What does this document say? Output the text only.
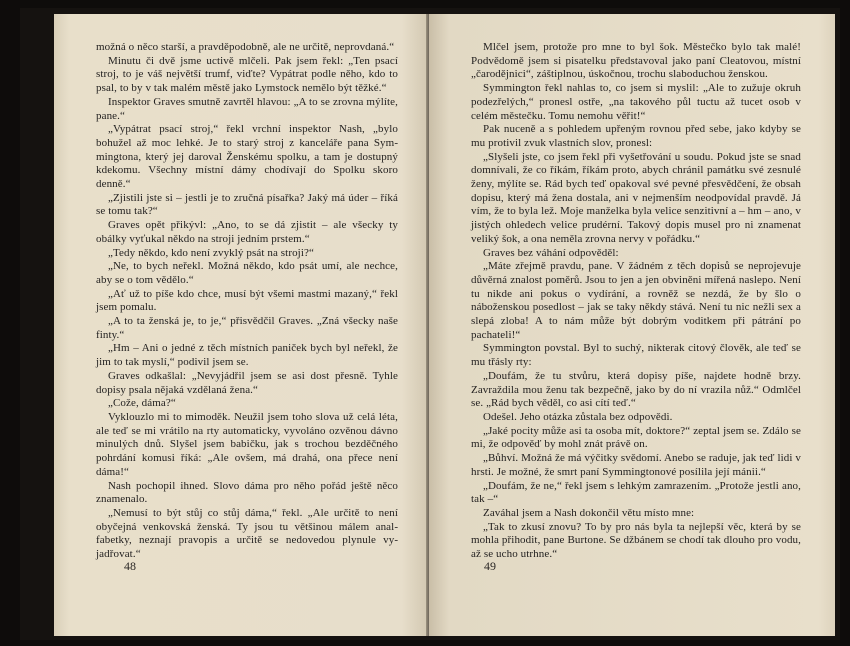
možná o něco starší, a pravděpodobně, ale ne určitě, neprovdaná.“

Minutu či dvě jsme uctivě mlčeli. Pak jsem řekl: „Ten psací stroj, to je váš největší trumf, viďte? Vypátrat podle něho, kdo to psal, to by v tak malém městě jako Lymstock nemělo být těžké.“

Inspektor Graves smutně zavrtěl hlavou: „A to se zrovna mýlíte, pane.“

„Vypátrat psací stroj,“ řekl vrchní inspektor Nash, „bylo bohužel až moc lehké. Je to starý stroj z kanceláře pana Symmingtona, který jej daroval Ženskému spolku, a tam je dostupný kdekomu. Všechny místní dámy chodívají do Spolku skoro denně.“

„Zjistili jste si – jestli je to zručná písařka? Jaký má úder – říká se tomu tak?“

Graves opět přikývl: „Ano, to se dá zjistit – ale všecky ty obálky vyťukal někdo na stroji jedním prstem.“

„Tedy někdo, kdo není zvyklý psát na stroji?“

„Ne, to bych neřekl. Možná někdo, kdo psát umí, ale nechce, aby se o tom vědělo.“

„Ať už to píše kdo chce, musí být všemi mastmi mazaný,“ řekl jsem pomalu.

„A to ta ženská je, to je,“ přisvědčil Graves. „Zná všecky naše finty.“

„Hm – Ani o jedné z těch místních paniček bych byl neřekl, že jim to tak myslí,“ podivil jsem se.

Graves odkašlal: „Nevyjádřil jsem se asi dost přesně. Tyhle dopisy psala nějaká vzdělaná žena.“

„Cože, dáma?“

Vyklouzlo mi to mimoděk. Neužil jsem toho slova už celá léta, ale teď se mi vrátilo na rty automaticky, vyvoláno ozvěnou dávno minulých dnů. Slyšel jsem babičku, jak s trochou bezděčného pohrdání komusi říká: „Ale ovšem, má drahá, ona přece není dáma!“

Nash pochopil ihned. Slovo dáma pro něho pořád ještě něco znamenalo.

„Nemusí to být stůj co stůj dáma,“ řekl. „Ale určitě to není obyčejná venkovská ženská. Ty jsou tu většinou málem analfabetky, neznají pravopis a určitě se nedovedou plynule vyjadřovat.“

48

Mlčel jsem, protože pro mne to byl šok. Městečko bylo tak malé! Podvědomě jsem si pisatelku představoval jako paní Cleatovou, místní „čarodějnici“, záštiplnou, úskočnou, trochu slaboduchou ženskou.

Symmington řekl nahlas to, co jsem si myslil: „Ale to zužuje okruh podezřelých,“ pronesl ostře, „na takového půl tuctu až tucet osob v celém městečku. Tomu nemohu věřit!“

Pak nuceně a s pohledem upřeným rovnou před sebe, jako kdyby se mu protivil zvuk vlastních slov, pronesl:

„Slyšeli jste, co jsem řekl při vyšetřování u soudu. Pokud jste se snad domnívali, že co říkám, říkám proto, abych chránil památku své zesnulé ženy, mýlíte se. Rád bych teď opakoval své pevné přesvědčení, že obsah dopisu, který má žena dostala, ani v nejmenším neodpovídal pravdě. Já vím, že to byla lež. Moje manželka byla velice senzitivní a – hm – ano, v jistých ohledech velice prudérní. Takový dopis musel pro ni znamenat veliký šok, a ona neměla zrovna nervy v pořádku.“

Graves bez váhání odpověděl:

„Máte zřejmě pravdu, pane. V žádném z těch dopisů se neprojevuje důvěrná znalost poměrů. Jsou to jen a jen obviněni mířená naslepo. Není tu nikde ani pokus o vydírání, a rovněž se nezdá, že by šlo o náboženskou posedlost – jak se taky někdy stává. Není tu nic nežli sex a slepá zloba! A to nám může být dobrým voditkem při pátrání po pachateli!“

Symmington povstal. Byl to suchý, nikterak citový člověk, ale teď se mu třásly rty:

„Doufám, že tu stvůru, která dopisy píše, najdete hodně brzy. Zavraždila mou ženu tak bezpečně, jako by do ní vrazila nůž.“ Odmlčel se. „Rád bych věděl, co asi cítí teď.“

Odešel. Jeho otázka zůstala bez odpovědi.

„Jaké pocity může asi ta osoba mít, doktore?“ zeptal jsem se. Zdálo se mi, že odpověď by mohl znát právě on.

„Bůhví. Možná že má výčitky svědomí. Anebo se raduje, jak teď lidi v hrsti. Je možné, že smrt paní Symmingtonové posílila její mánii.“

„Doufám, že ne,“ řekl jsem s lehkým zamrazením. „Protože jestli ano, tak –“

Zaváhal jsem a Nash dokončil větu místo mne:

„Tak to zkusí znovu? To by pro nás byla ta nejlepší věc, která by se mohla přihodit, pane Burtone. Se džbánem se chodí tak dlouho pro vodu, až se ucho utrhne.“

49
